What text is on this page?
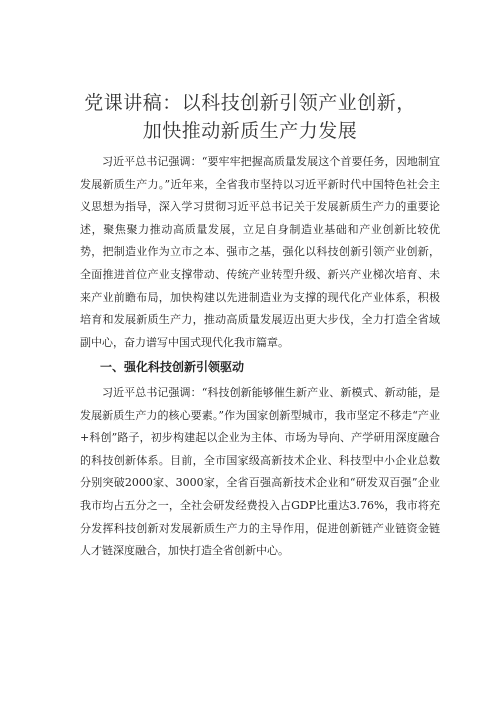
党课讲稿：以科技创新引领产业创新，
加快推动新质生产力发展

习近平总书记强调：“要牢牢把握高质量发展这个首要任务，因地制宜发展新质生产力。”近年来，全省我市坚持以习近平新时代中国特色社会主义思想为指导，深入学习贯彻习近平总书记关于发展新质生产力的重要论述，聚焦聚力推动高质量发展，立足自身制造业基础和产业创新比较优势，把制造业作为立市之本、强市之基，强化以科技创新引领产业创新，全面推进首位产业支撑带动、传统产业转型升级、新兴产业梯次培育、未来产业前瞻布局，加快构建以先进制造业为支撑的现代化产业体系，积极培育和发展新质生产力，推动高质量发展迈出更大步伐，全力打造全省域副中心，奋力谱写中国式现代化我市篇章。

一、强化科技创新引领驱动

习近平总书记强调：“科技创新能够催生新产业、新模式、新动能，是发展新质生产力的核心要素。”作为国家创新型城市，我市坚定不移走“产业+科创”路子，初步构建起以企业为主体、市场为导向、产学研用深度融合的科技创新体系。目前，全市国家级高新技术企业、科技型中小企业总数分别突破2000家、3000家，全省百强高新技术企业和“研发双百强”企业我市均占五分之一，全社会研发经费投入占GDP比重达3.76%，我市将充分发挥科技创新对发展新质生产力的主导作用，促进创新链产业链资金链人才链深度融合，加快打造全省创新中心。
